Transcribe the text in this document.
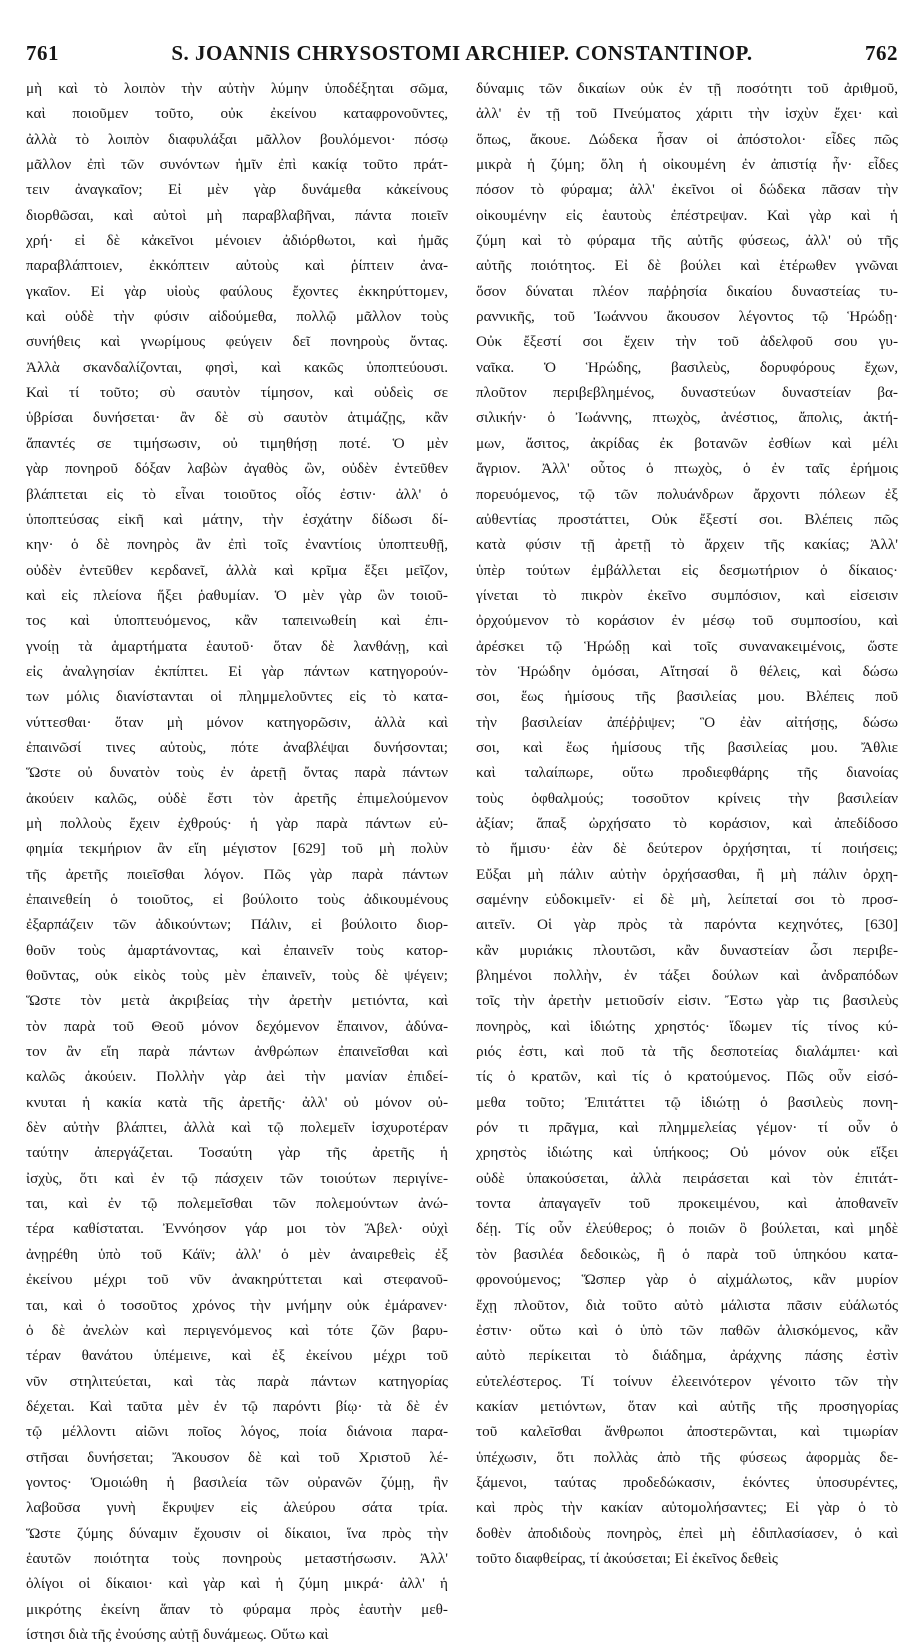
761	S. JOANNIS CHRYSOSTOMI ARCHIEP. CONSTANTINOP.	762

μὴ καὶ τὸ λοιπὸν τὴν αὐτὴν λύμην ὑποδέξηται σῶμα,

καὶ ποιοῦμεν τοῦτο, οὐκ ἐκείνου καταφρονοῦντες,

ἀλλὰ τὸ λοιπὸν διαφυλάξαι μᾶλλον βουλόμενοι· πόσῳ

μᾶλλον ἐπὶ τῶν συνόντων ἡμῖν ἐπὶ κακίᾳ τοῦτο πράτ-

τειν ἀναγκαῖον; Εἰ μὲν γὰρ δυνάμεθα κἀκείνους

διορθῶσαι, καὶ αὐτοὶ μὴ παραβλαβῆναι, πάντα ποιεῖν

χρή· εἰ δὲ κἀκεῖνοι μένοιεν ἀδιόρθωτοι, καὶ ἡμᾶς

παραβλάπτοιεν, ἐκκόπτειν αὐτοὺς καὶ ῥίπτειν ἀνα-

γκαῖον. Εἰ γὰρ υἱοὺς φαύλους ἔχοντες ἐκκηρύττομεν,

καὶ οὐδὲ τὴν φύσιν αἰδούμεθα, πολλῷ μᾶλλον τοὺς

συνήθεις καὶ γνωρίμους φεύγειν δεῖ πονηροὺς ὄντας.

Ἀλλὰ σκανδαλίζονται, φησὶ, καὶ κακῶς ὑποπτεύουσι.

Καὶ τί τοῦτο; σὺ σαυτὸν τίμησον, καὶ οὐδεὶς σε

ὑβρίσαι δυνήσεται· ἂν δὲ σὺ σαυτὸν ἀτιμάζῃς, κἂν

ἅπαντές σε τιμήσωσιν, οὐ τιμηθήσῃ ποτέ. Ὁ μὲν

γὰρ πονηροῦ δόξαν λαβὼν ἀγαθὸς ὢν, οὐδὲν ἐντεῦθεν

βλάπτεται εἰς τὸ εἶναι τοιοῦτος οἷός ἐστιν· ἀλλ' ὁ

ὑποπτεύσας εἰκῆ καὶ μάτην, τὴν ἐσχάτην δίδωσι δί-

κην· ὁ δὲ πονηρὸς ἂν ἐπὶ τοῖς ἐναντίοις ὑποπτευθῇ,

οὐδὲν ἐντεῦθεν κερδανεῖ, ἀλλὰ καὶ κρῖμα ἕξει μεῖζον,

καὶ εἰς πλείονα ἥξει ῥαθυμίαν. Ὁ μὲν γὰρ ὢν τοιοῦ-

τος καὶ ὑποπτευόμενος, κἂν ταπεινωθείη καὶ ἐπι-

γνοίῃ τὰ ἁμαρτήματα ἑαυτοῦ· ὅταν δὲ λανθάνῃ, καὶ

εἰς ἀναλγησίαν ἐκπίπτει. Εἰ γὰρ πάντων κατηγορούν-

των μόλις διανίστανται οἱ πλημμελοῦντες εἰς τὸ κατα-

νύττεσθαι· ὅταν μὴ μόνον κατηγορῶσιν, ἀλλὰ καὶ

ἐπαινῶσί τινες αὐτοὺς, πότε ἀναβλέψαι δυνήσονται;

Ὥστε οὐ δυνατὸν τοὺς ἐν ἀρετῇ ὄντας παρὰ πάντων

ἀκούειν καλῶς, οὐδὲ ἔστι τὸν ἀρετῆς ἐπιμελούμενον

μὴ πολλοὺς ἔχειν ἐχθρούς· ἡ γὰρ παρὰ πάντων εὐ-

φημία τεκμήριον ἂν εἴη μέγιστον [629] τοῦ μὴ πολὺν

τῆς ἀρετῆς ποιεῖσθαι λόγον. Πῶς γὰρ παρὰ πάντων

ἐπαινεθείη ὁ τοιοῦτος, εἰ βούλοιτο τοὺς ἀδικουμένους

ἐξαρπάζειν τῶν ἀδικούντων; Πάλιν, εἰ βούλοιτο διορ-

θοῦν τοὺς ἁμαρτάνοντας, καὶ ἐπαινεῖν τοὺς κατορ-

θοῦντας, οὐκ εἰκὸς τοὺς μὲν ἐπαινεῖν, τοὺς δὲ ψέγειν;

Ὥστε τὸν μετὰ ἀκριβείας τὴν ἀρετὴν μετιόντα, καὶ

τὸν παρὰ τοῦ Θεοῦ μόνον δεχόμενον ἔπαινον, ἀδύνα-

τον ἂν εἴη παρὰ πάντων ἀνθρώπων ἐπαινεῖσθαι καὶ

καλῶς ἀκούειν. Πολλὴν γὰρ ἀεὶ τὴν μανίαν ἐπιδεί-

κνυται ἡ κακία κατὰ τῆς ἀρετῆς· ἀλλ' οὐ μόνον οὐ-

δὲν αὐτὴν βλάπτει, ἀλλὰ καὶ τῷ πολεμεῖν ἰσχυροτέραν

ταύτην ἀπεργάζεται. Τοσαύτη γὰρ τῆς ἀρετῆς ἡ

ἰσχὺς, ὅτι καὶ ἐν τῷ πάσχειν τῶν τοιούτων περιγίνε-

ται, καὶ ἐν τῷ πολεμεῖσθαι τῶν πολεμούντων ἀνώ-

τέρα καθίσταται. Ἐννόησον γάρ μοι τὸν Ἄβελ· οὐχὶ

ἀνῃρέθη ὑπὸ τοῦ Κάϊν; ἀλλ' ὁ μὲν ἀναιρεθεὶς ἐξ

ἐκείνου μέχρι τοῦ νῦν ἀνακηρύττεται καὶ στεφανοῦ-

ται, καὶ ὁ τοσοῦτος χρόνος τὴν μνήμην οὐκ ἐμάρανεν·

ὁ δὲ ἀνελὼν καὶ περιγενόμενος καὶ τότε ζῶν βαρυ-

τέραν θανάτου ὑπέμεινε, καὶ ἐξ ἐκείνου μέχρι τοῦ

νῦν στηλιτεύεται, καὶ τὰς παρὰ πάντων κατηγορίας

δέχεται. Καὶ ταῦτα μὲν ἐν τῷ παρόντι βίῳ· τὰ δὲ ἐν

τῷ μέλλοντι αἰῶνι ποῖος λόγος, ποία διάνοια παρα-

στῆσαι δυνήσεται; Ἄκουσον δὲ καὶ τοῦ Χριστοῦ λέ-

γοντος· Ὁμοιώθη ἡ βασιλεία τῶν οὐρανῶν ζύμῃ, ἣν

λαβοῦσα γυνὴ ἔκρυψεν εἰς ἀλεύρου σάτα τρία.

Ὥστε ζύμης δύναμιν ἔχουσιν οἱ δίκαιοι, ἵνα πρὸς τὴν

ἑαυτῶν ποιότητα τοὺς πονηροὺς μεταστήσωσιν. Ἀλλ'

ὀλίγοι οἱ δίκαιοι· καὶ γὰρ καὶ ἡ ζύμη μικρά· ἀλλ' ἡ

μικρότης ἐκείνη ἅπαν τὸ φύραμα πρὸς ἑαυτὴν μεθ-

ίστησι διὰ τῆς ἐνούσης αὐτῇ δυνάμεως. Οὕτω καὶ

δύναμις τῶν δικαίων οὐκ ἐν τῇ ποσότητι τοῦ ἀριθμοῦ,

ἀλλ' ἐν τῇ τοῦ Πνεύματος χάριτι τὴν ἰσχὺν ἔχει· καὶ

ὅπως, ἄκουε. Δώδεκα ἦσαν οἱ ἀπόστολοι· εἶδες πῶς

μικρὰ ἡ ζύμη; ὅλη ἡ οἰκουμένη ἐν ἀπιστίᾳ ἦν· εἶδες

πόσον τὸ φύραμα; ἀλλ' ἐκεῖνοι οἱ δώδεκα πᾶσαν τὴν

οἰκουμένην εἰς ἑαυτοὺς ἐπέστρεψαν. Καὶ γὰρ καὶ ἡ

ζύμη καὶ τὸ φύραμα τῆς αὐτῆς φύσεως, ἀλλ' οὐ τῆς

αὐτῆς ποιότητος. Εἰ δὲ βούλει καὶ ἑτέρωθεν γνῶναι

ὅσον δύναται πλέον παῤῥησία δικαίου δυναστείας τυ-

ραννικῆς, τοῦ Ἰωάννου ἄκουσον λέγοντος τῷ Ἡρώδῃ·

Οὐκ ἔξεστί σοι ἔχειν τὴν τοῦ ἀδελφοῦ σου γυ-

ναῖκα. Ὁ Ἡρώδης, βασιλεὺς, δορυφόρους ἔχων,

πλοῦτον περιβεβλημένος, δυναστεύων δυναστείαν βα-

σιλικήν· ὁ Ἰωάννης, πτωχὸς, ἀνέστιος, ἄπολις, ἀκτή-

μων, ἄσιτος, ἀκρίδας ἐκ βοτανῶν ἐσθίων καὶ μέλι

ἄγριον. Ἀλλ' οὗτος ὁ πτωχὸς, ὁ ἐν ταῖς ἐρήμοις

πορευόμενος, τῷ τῶν πολυάνδρων ἄρχοντι πόλεων ἐξ

αὐθεντίας προστάττει, Οὐκ ἔξεστί σοι. Βλέπεις πῶς

κατὰ φύσιν τῇ ἀρετῇ τὸ ἄρχειν τῆς κακίας; Ἀλλ'

ὑπὲρ τούτων ἐμβάλλεται εἰς δεσμωτήριον ὁ δίκαιος·

γίνεται τὸ πικρὸν ἐκεῖνο συμπόσιον, καὶ εἰσεισιν

ὀρχούμενον τὸ κοράσιον ἐν μέσῳ τοῦ συμποσίου, καὶ

ἀρέσκει τῷ Ἡρώδῃ καὶ τοῖς συνανακειμένοις, ὥστε

τὸν Ἡρώδην ὀμόσαι, Αἴτησαί ὃ θέλεις, καὶ δώσω

σοι, ἕως ἡμίσους τῆς βασιλείας μου. Βλέπεις ποῦ

τὴν βασιλείαν ἀπέῤῥιψεν; Ὃ ἐὰν αἰτήσῃς, δώσω

σοι, καὶ ἕως ἡμίσους τῆς βασιλείας μου. Ἄθλιε

καὶ ταλαίπωρε, οὕτω προδιεφθάρης τῆς διανοίας

τοὺς ὀφθαλμούς; τοσοῦτον κρίνεις τὴν βασιλείαν

ἀξίαν; ἅπαξ ὠρχήσατο τὸ κοράσιον, καὶ ἀπεδίδοσο

τὸ ἥμισυ· ἐὰν δὲ δεύτερον ὀρχήσηται, τί ποιήσεις;

Εὔξαι μὴ πάλιν αὐτὴν ὀρχήσασθαι, ἢ μὴ πάλιν ὀρχη-

σαμένην εὐδοκιμεῖν· εἰ δὲ μὴ, λείπεταί σοι τὸ προσ-

αιτεῖν. Οἱ γὰρ πρὸς τὰ παρόντα κεχηνότες, [630]

κἂν μυριάκις πλουτῶσι, κἂν δυναστείαν ὦσι περιβε-

βλημένοι πολλὴν, ἐν τάξει δούλων καὶ ἀνδραπόδων

τοῖς τὴν ἀρετὴν μετιοῦσίν εἰσιν. Ἔστω γὰρ τις βασιλεὺς

πονηρὸς, καὶ ἰδιώτης χρηστός· ἴδωμεν τίς τίνος κύ-

ριός ἐστι, καὶ ποῦ τὰ τῆς δεσποτείας διαλάμπει· καὶ

τίς ὁ κρατῶν, καὶ τίς ὁ κρατούμενος. Πῶς οὖν εἰσό-

μεθα τοῦτο; Ἐπιτάττει τῷ ἰδιώτῃ ὁ βασιλεὺς πονη-

ρόν τι πρᾶγμα, καὶ πλημμελείας γέμον· τί οὖν ὁ

χρηστὸς ἰδιώτης καὶ ὑπήκοος; Οὐ μόνον οὐκ εἴξει

οὐδὲ ὑπακούσεται, ἀλλὰ πειράσεται καὶ τὸν ἐπιτάτ-

τοντα ἀπαγαγεῖν τοῦ προκειμένου, καὶ ἀποθανεῖν

δέῃ. Τίς οὖν ἐλεύθερος; ὁ ποιῶν ὃ βούλεται, καὶ μηδὲ

τὸν βασιλέα δεδοικὼς, ἢ ὁ παρὰ τοῦ ὑπηκόου κατα-

φρονούμενος; Ὥσπερ γὰρ ὁ αἰχμάλωτος, κἂν μυρίον

ἔχῃ πλοῦτον, διὰ τοῦτο αὐτὸ μάλιστα πᾶσιν εὐάλωτός

ἐστιν· οὕτω καὶ ὁ ὑπὸ τῶν παθῶν ἁλισκόμενος, κἂν

αὐτὸ περίκειται τὸ διάδημα, ἀράχνης πάσης ἐστὶν

εὐτελέστερος. Τί τοίνυν ἐλεεινότερον γένοιτο τῶν τὴν

κακίαν μετιόντων, ὅταν καὶ αὐτῆς τῆς προσηγορίας

τοῦ καλεῖσθαι ἄνθρωποι ἀποστερῶνται, καὶ τιμωρίαν

ὑπέχωσιν, ὅτι πολλὰς ἀπὸ τῆς φύσεως ἀφορμὰς δε-

ξάμενοι, ταύτας προδεδώκασιν, ἑκόντες ὑποσυρέντες,

καὶ πρὸς τὴν κακίαν αὐτομολήσαντες; Εἰ γὰρ ὁ τὸ

δοθὲν ἀποδιδοὺς πονηρὸς, ἐπεὶ μὴ ἐδιπλασίασεν, ὁ καὶ

τοῦτο διαφθείρας, τί ἀκούσεται; Εἰ ἐκεῖνος δεθεὶς
